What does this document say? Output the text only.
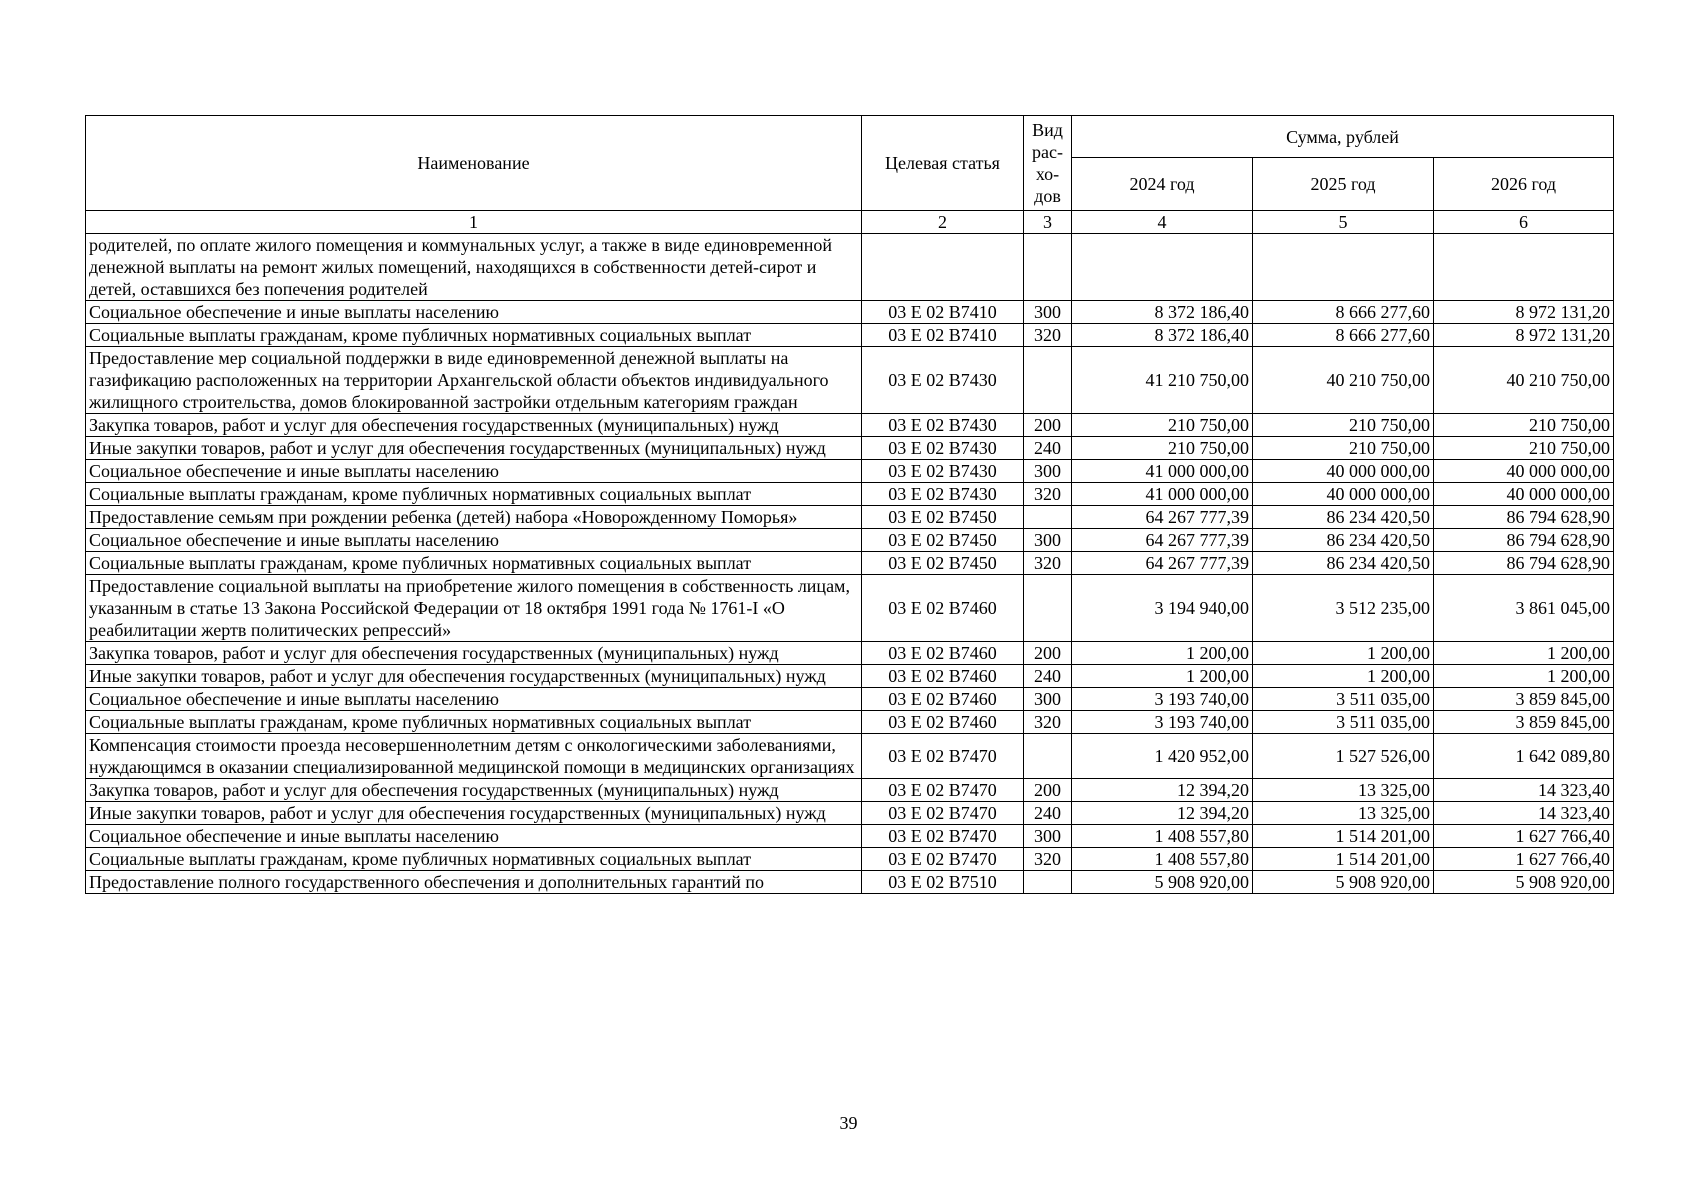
Наименование	Целевая статья	Вид рас-хо-дов	Сумма, рублей		
			2024 год	2025 год	2026 год
1	2	3	4	5	6
родителей, по оплате жилого помещения и коммунальных услуг, а также в виде единовременной денежной выплаты на ремонт жилых помещений, находящихся в собственности детей-сирот и детей, оставшихся без попечения родителей					
Социальное обеспечение и иные выплаты населению	03 Е 02 В7410	300	8 372 186,40	8 666 277,60	8 972 131,20
Социальные выплаты гражданам, кроме публичных нормативных социальных выплат	03 Е 02 В7410	320	8 372 186,40	8 666 277,60	8 972 131,20
Предоставление мер социальной поддержки в виде единовременной денежной выплаты на газификацию расположенных на территории Архангельской области объектов индивидуального жилищного строительства, домов блокированной застройки отдельным категориям граждан	03 Е 02 В7430		41 210 750,00	40 210 750,00	40 210 750,00
Закупка товаров, работ и услуг для обеспечения государственных (муниципальных) нужд	03 Е 02 В7430	200	210 750,00	210 750,00	210 750,00
Иные закупки товаров, работ и услуг для обеспечения государственных (муниципальных) нужд	03 Е 02 В7430	240	210 750,00	210 750,00	210 750,00
Социальное обеспечение и иные выплаты населению	03 Е 02 В7430	300	41 000 000,00	40 000 000,00	40 000 000,00
Социальные выплаты гражданам, кроме публичных нормативных социальных выплат	03 Е 02 В7430	320	41 000 000,00	40 000 000,00	40 000 000,00
Предоставление семьям при рождении ребенка (детей) набора «Новорожденному Поморья»	03 Е 02 В7450		64 267 777,39	86 234 420,50	86 794 628,90
Социальное обеспечение и иные выплаты населению	03 Е 02 В7450	300	64 267 777,39	86 234 420,50	86 794 628,90
Социальные выплаты гражданам, кроме публичных нормативных социальных выплат	03 Е 02 В7450	320	64 267 777,39	86 234 420,50	86 794 628,90
Предоставление социальной выплаты на приобретение жилого помещения в собственность лицам, указанным в статье 13 Закона Российской Федерации от 18 октября 1991 года № 1761-I «О реабилитации жертв политических репрессий»	03 Е 02 В7460		3 194 940,00	3 512 235,00	3 861 045,00
Закупка товаров, работ и услуг для обеспечения государственных (муниципальных) нужд	03 Е 02 В7460	200	1 200,00	1 200,00	1 200,00
Иные закупки товаров, работ и услуг для обеспечения государственных (муниципальных) нужд	03 Е 02 В7460	240	1 200,00	1 200,00	1 200,00
Социальное обеспечение и иные выплаты населению	03 Е 02 В7460	300	3 193 740,00	3 511 035,00	3 859 845,00
Социальные выплаты гражданам, кроме публичных нормативных социальных выплат	03 Е 02 В7460	320	3 193 740,00	3 511 035,00	3 859 845,00
Компенсация стоимости проезда несовершеннолетним детям с онкологическими заболеваниями, нуждающимся в оказании специализированной медицинской помощи в медицинских организациях	03 Е 02 В7470		1 420 952,00	1 527 526,00	1 642 089,80
Закупка товаров, работ и услуг для обеспечения государственных (муниципальных) нужд	03 Е 02 В7470	200	12 394,20	13 325,00	14 323,40
Иные закупки товаров, работ и услуг для обеспечения государственных (муниципальных) нужд	03 Е 02 В7470	240	12 394,20	13 325,00	14 323,40
Социальное обеспечение и иные выплаты населению	03 Е 02 В7470	300	1 408 557,80	1 514 201,00	1 627 766,40
Социальные выплаты гражданам, кроме публичных нормативных социальных выплат	03 Е 02 В7470	320	1 408 557,80	1 514 201,00	1 627 766,40
Предоставление полного государственного обеспечения и дополнительных гарантий по	03 Е 02 В7510		5 908 920,00	5 908 920,00	5 908 920,00
39
